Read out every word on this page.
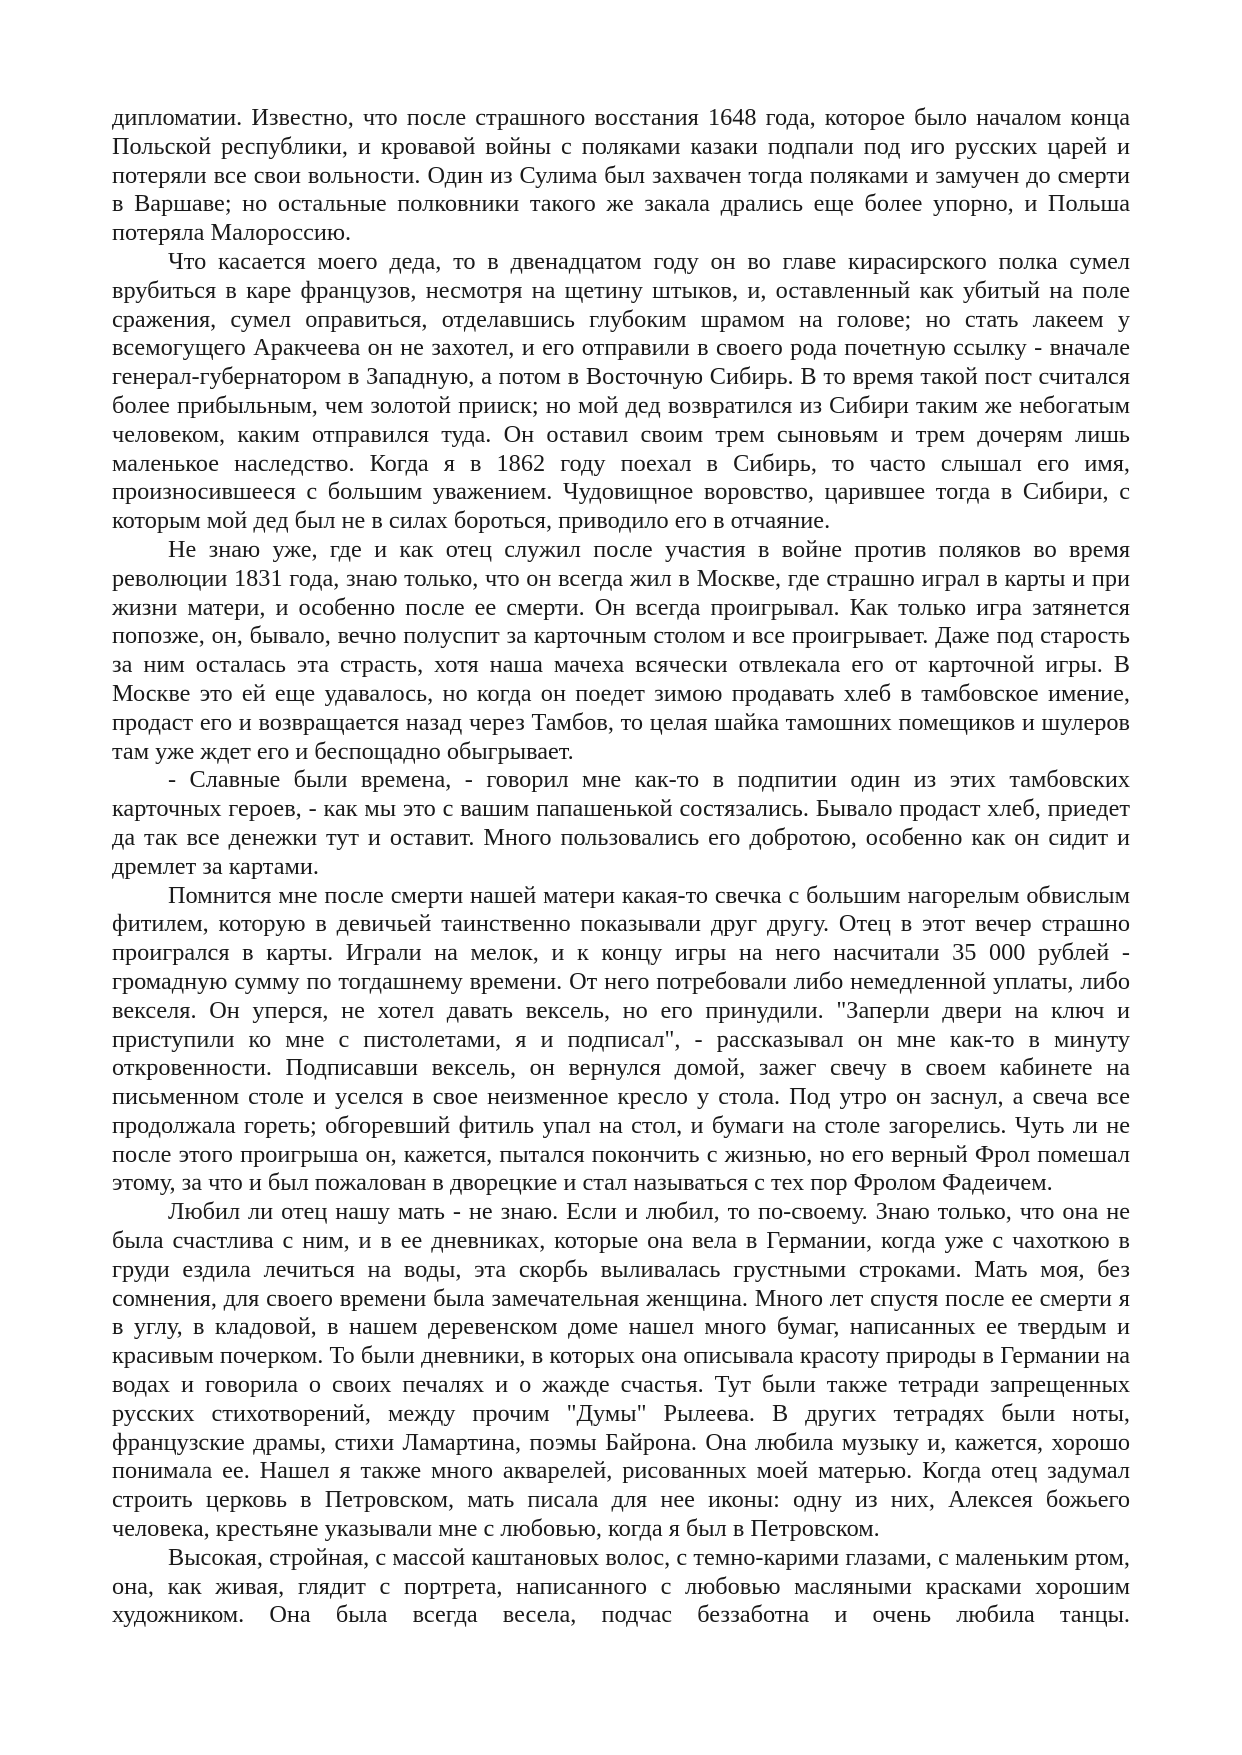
дипломатии. Известно, что после страшного восстания 1648 года, которое было началом конца Польской республики, и кровавой войны с поляками казаки подпали под иго русских царей и потеряли все свои вольности. Один из Сулима был захвачен тогда поляками и замучен до смерти в Варшаве; но остальные полковники такого же закала дрались еще более упорно, и Польша потеряла Малороссию.

Что касается моего деда, то в двенадцатом году он во главе кирасирского полка сумел врубиться в каре французов, несмотря на щетину штыков, и, оставленный как убитый на поле сражения, сумел оправиться, отделавшись глубоким шрамом на голове; но стать лакеем у всемогущего Аракчеева он не захотел, и его отправили в своего рода почетную ссылку - вначале генерал-губернатором в Западную, а потом в Восточную Сибирь. В то время такой пост считался более прибыльным, чем золотой прииск; но мой дед возвратился из Сибири таким же небогатым человеком, каким отправился туда. Он оставил своим трем сыновьям и трем дочерям лишь маленькое наследство. Когда я в 1862 году поехал в Сибирь, то часто слышал его имя, произносившееся с большим уважением. Чудовищное воровство, царившее тогда в Сибири, с которым мой дед был не в силах бороться, приводило его в отчаяние.

Не знаю уже, где и как отец служил после участия в войне против поляков во время революции 1831 года, знаю только, что он всегда жил в Москве, где страшно играл в карты и при жизни матери, и особенно после ее смерти. Он всегда проигрывал. Как только игра затянется попозже, он, бывало, вечно полуспит за карточным столом и все проигрывает. Даже под старость за ним осталась эта страсть, хотя наша мачеха всячески отвлекала его от карточной игры. В Москве это ей еще удавалось, но когда он поедет зимою продавать хлеб в тамбовское имение, продаст его и возвращается назад через Тамбов, то целая шайка тамошних помещиков и шулеров там уже ждет его и беспощадно обыгрывает.

- Славные были времена, - говорил мне как-то в подпитии один из этих тамбовских карточных героев, - как мы это с вашим папашенькой состязались. Бывало продаст хлеб, приедет да так все денежки тут и оставит. Много пользовались его добротою, особенно как он сидит и дремлет за картами.

Помнится мне после смерти нашей матери какая-то свечка с большим нагорелым обвислым фитилем, которую в девичьей таинственно показывали друг другу. Отец в этот вечер страшно проигрался в карты. Играли на мелок, и к концу игры на него насчитали 35 000 рублей - громадную сумму по тогдашнему времени. От него потребовали либо немедленной уплаты, либо векселя. Он уперся, не хотел давать вексель, но его принудили. "Заперли двери на ключ и приступили ко мне с пистолетами, я и подписал", - рассказывал он мне как-то в минуту откровенности. Подписавши вексель, он вернулся домой, зажег свечу в своем кабинете на письменном столе и уселся в свое неизменное кресло у стола. Под утро он заснул, а свеча все продолжала гореть; обгоревший фитиль упал на стол, и бумаги на столе загорелись. Чуть ли не после этого проигрыша он, кажется, пытался покончить с жизнью, но его верный Фрол помешал этому, за что и был пожалован в дворецкие и стал называться с тех пор Фролом Фадеичем.

Любил ли отец нашу мать - не знаю. Если и любил, то по-своему. Знаю только, что она не была счастлива с ним, и в ее дневниках, которые она вела в Германии, когда уже с чахоткою в груди ездила лечиться на воды, эта скорбь выливалась грустными строками. Мать моя, без сомнения, для своего времени была замечательная женщина. Много лет спустя после ее смерти я в углу, в кладовой, в нашем деревенском доме нашел много бумаг, написанных ее твердым и красивым почерком. То были дневники, в которых она описывала красоту природы в Германии на водах и говорила о своих печалях и о жажде счастья. Тут были также тетради запрещенных русских стихотворений, между прочим "Думы" Рылеева. В других тетрадях были ноты, французские драмы, стихи Ламартина, поэмы Байрона. Она любила музыку и, кажется, хорошо понимала ее. Нашел я также много акварелей, рисованных моей матерью. Когда отец задумал строить церковь в Петровском, мать писала для нее иконы: одну из них, Алексея божьего человека, крестьяне указывали мне с любовью, когда я был в Петровском.

Высокая, стройная, с массой каштановых волос, с темно-карими глазами, с маленьким ртом, она, как живая, глядит с портрета, написанного с любовью масляными красками хорошим художником. Она была всегда весела, подчас беззаботна и очень любила танцы.
